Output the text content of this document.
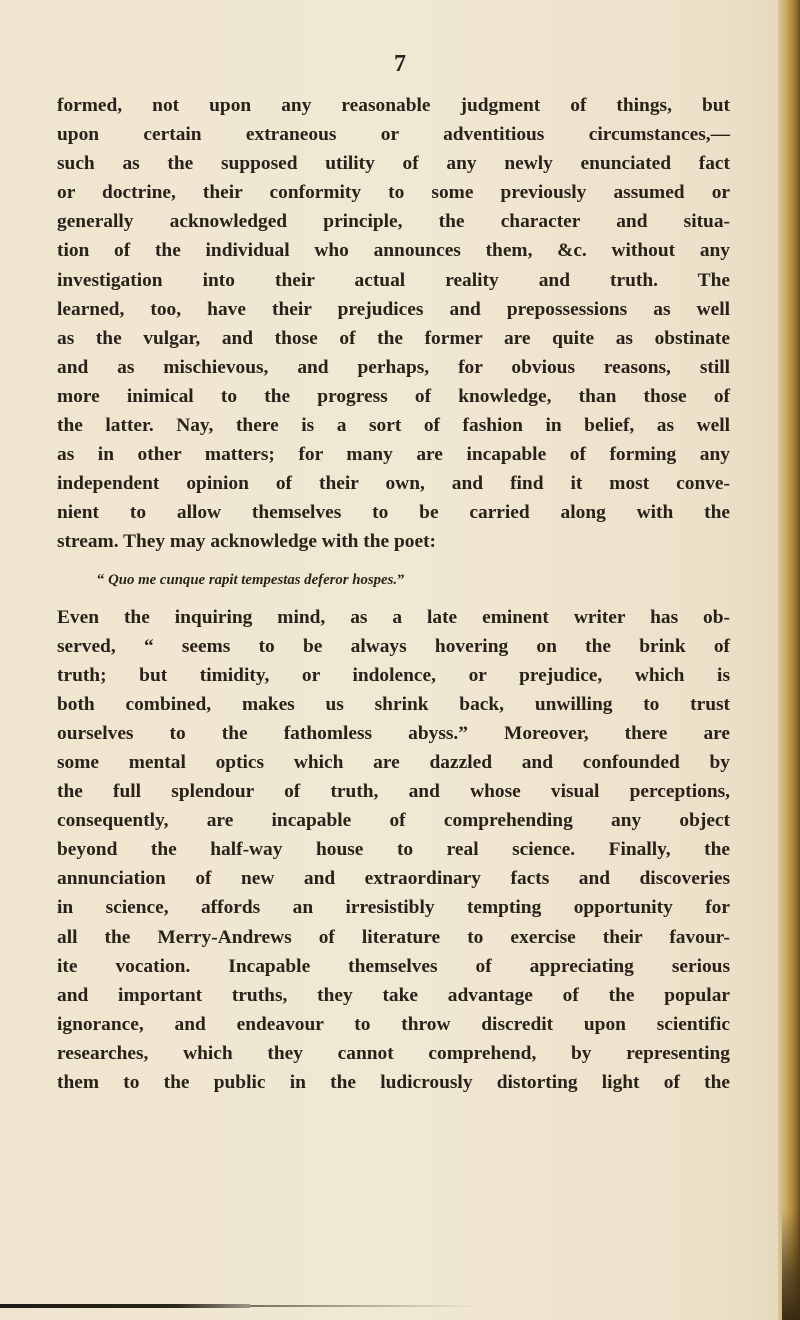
7
formed, not upon any reasonable judgment of things, but
upon certain extraneous or adventitious circumstances,—
such as the supposed utility of any newly enunciated fact
or doctrine, their conformity to some previously assumed or
generally acknowledged principle, the character and situa-
tion of the individual who announces them, &c. without any
investigation into their actual reality and truth. The
learned, too, have their prejudices and prepossessions as well
as the vulgar, and those of the former are quite as obstinate
and as mischievous, and perhaps, for obvious reasons, still
more inimical to the progress of knowledge, than those of
the latter. Nay, there is a sort of fashion in belief, as well
as in other matters; for many are incapable of forming any
independent opinion of their own, and find it most conve-
nient to allow themselves to be carried along with the
stream. They may acknowledge with the poet:
“ Quo me cunque rapit tempestas deferor hospes.”
Even the inquiring mind, as a late eminent writer has ob-
served, “ seems to be always hovering on the brink of
truth; but timidity, or indolence, or prejudice, which is
both combined, makes us shrink back, unwilling to trust
ourselves to the fathomless abyss.” Moreover, there are
some mental optics which are dazzled and confounded by
the full splendour of truth, and whose visual perceptions,
consequently, are incapable of comprehending any object
beyond the half-way house to real science. Finally, the
annunciation of new and extraordinary facts and discoveries
in science, affords an irresistibly tempting opportunity for
all the Merry-Andrews of literature to exercise their favour-
ite vocation. Incapable themselves of appreciating serious
and important truths, they take advantage of the popular
ignorance, and endeavour to throw discredit upon scientific
researches, which they cannot comprehend, by representing
them to the public in the ludicrously distorting light of the
